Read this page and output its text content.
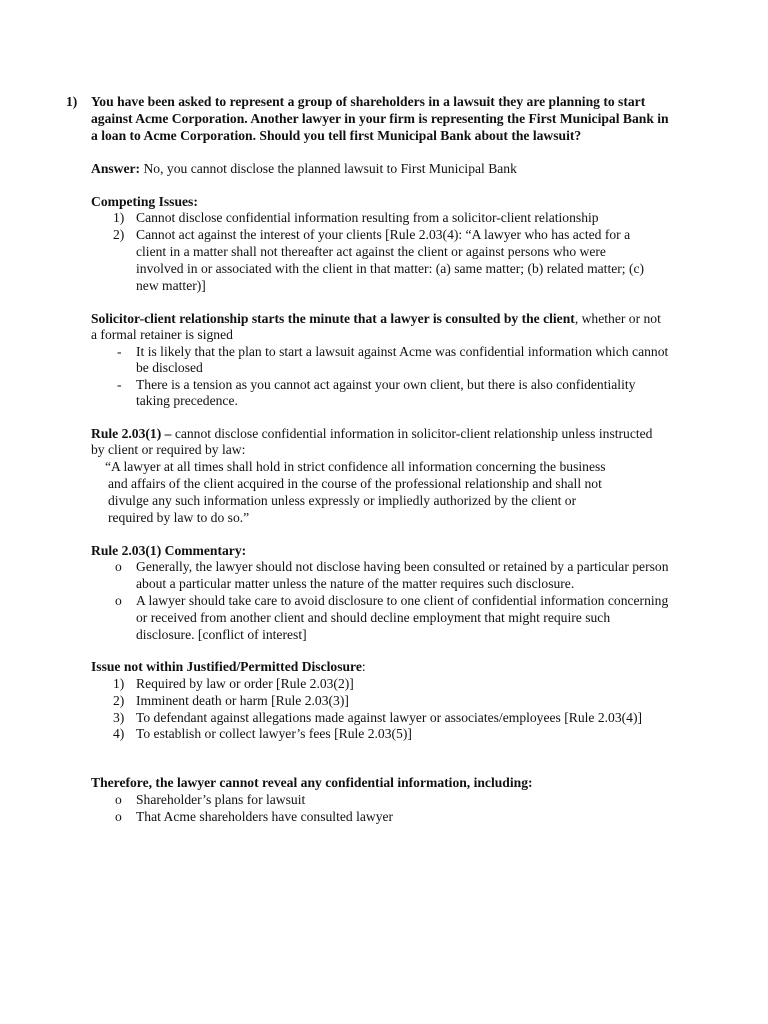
1) You have been asked to represent a group of shareholders in a lawsuit they are planning to start
against Acme Corporation. Another lawyer in your firm is representing the First Municipal Bank in
a loan to Acme Corporation. Should you tell first Municipal Bank about the lawsuit?
Answer: No, you cannot disclose the planned lawsuit to First Municipal Bank
Competing Issues:
1) Cannot disclose confidential information resulting from a solicitor-client relationship
2) Cannot act against the interest of your clients [Rule 2.03(4): “A lawyer who has acted for a
client in a matter shall not thereafter act against the client or against persons who were
involved in or associated with the client in that matter: (a) same matter; (b) related matter; (c)
new matter)]
Solicitor-client relationship starts the minute that a lawyer is consulted by the client, whether or not
a formal retainer is signed
- It is likely that the plan to start a lawsuit against Acme was confidential information which cannot
be disclosed
- There is a tension as you cannot act against your own client, but there is also confidentiality
taking precedence.
Rule 2.03(1) – cannot disclose confidential information in solicitor-client relationship unless instructed
by client or required by law:
“A lawyer at all times shall hold in strict confidence all information concerning the business
and affairs of the client acquired in the course of the professional relationship and shall not
divulge any such information unless expressly or impliedly authorized by the client or
required by law to do so.”
Rule 2.03(1) Commentary:
o Generally, the lawyer should not disclose having been consulted or retained by a particular person
about a particular matter unless the nature of the matter requires such disclosure.
o A lawyer should take care to avoid disclosure to one client of confidential information concerning
or received from another client and should decline employment that might require such
disclosure. [conflict of interest]
Issue not within Justified/Permitted Disclosure:
1) Required by law or order [Rule 2.03(2)]
2) Imminent death or harm [Rule 2.03(3)]
3) To defendant against allegations made against lawyer or associates/employees [Rule 2.03(4)]
4) To establish or collect lawyer’s fees [Rule 2.03(5)]
Therefore, the lawyer cannot reveal any confidential information, including:
o Shareholder’s plans for lawsuit
o That Acme shareholders have consulted lawyer
